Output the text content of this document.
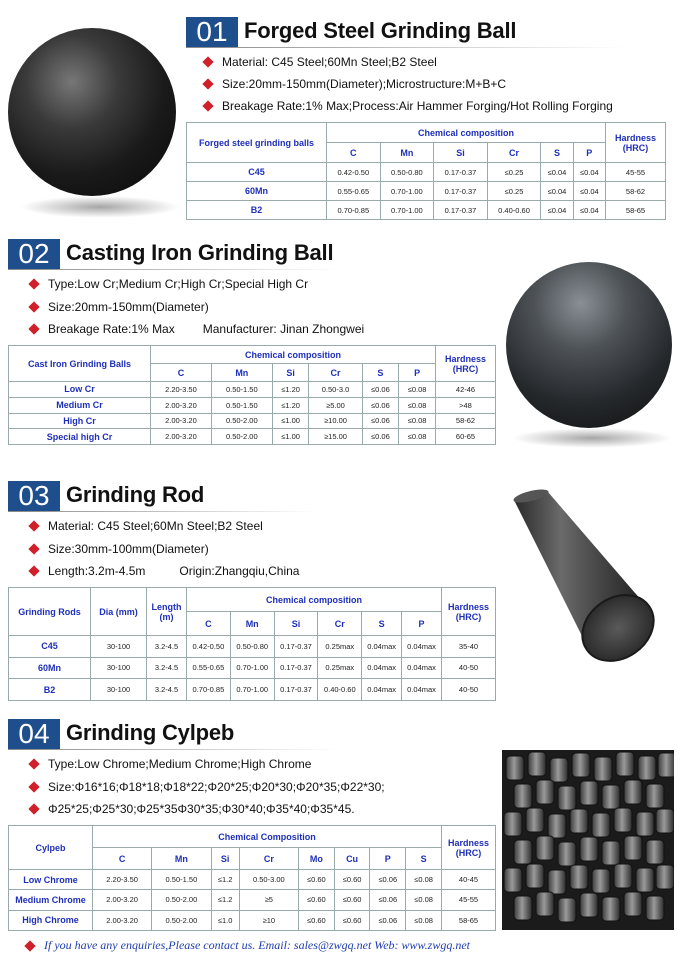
01 Forged Steel Grinding Ball
Material: C45 Steel;60Mn Steel;B2 Steel
Size:20mm-150mm(Diameter);Microstructure:M+B+C
Breakage Rate:1% Max;Process:Air Hammer Forging/Hot Rolling Forging
Forged steel grinding balls	Chemical composition						Hardness (HRC)
	C	Mn	Si	Cr	S	P	
C45	0.42-0.50	0.50-0.80	0.17-0.37	≤0.25	≤0.04	≤0.04	45-55
60Mn	0.55-0.65	0.70-1.00	0.17-0.37	≤0.25	≤0.04	≤0.04	58-62
B2	0.70-0.85	0.70-1.00	0.17-0.37	0.40-0.60	≤0.04	≤0.04	58-65
02 Casting Iron Grinding Ball
Type:Low Cr;Medium Cr;High Cr;Special High Cr
Size:20mm-150mm(Diameter)
Breakage Rate:1% Max Manufacturer: Jinan Zhongwei
Cast Iron Grinding Balls	Chemical composition						Hardness (HRC)
	C	Mn	Si	Cr	S	P	
Low Cr	2.20-3.50	0.50-1.50	≤1.20	0.50-3.0	≤0.06	≤0.08	42-46
Medium Cr	2.00-3.20	0.50-1.50	≤1.20	≥5.00	≤0.06	≤0.08	>48
High Cr	2.00-3.20	0.50-2.00	≤1.00	≥10.00	≤0.06	≤0.08	58-62
Special high Cr	2.00-3.20	0.50-2.00	≤1.00	≥15.00	≤0.06	≤0.08	60-65
03 Grinding Rod
Material: C45 Steel;60Mn Steel;B2 Steel
Size:30mm-100mm(Diameter)
Length:3.2m-4.5m	Origin:Zhangqiu,China
Grinding Rods	Dia (mm)	Length (m)	Chemical composition						Hardness (HRC)
			C	Mn	Si	Cr	S	P	
C45	30-100	3.2-4.5	0.42-0.50	0.50-0.80	0.17-0.37	0.25max	0.04max	0.04max	35-40
60Mn	30-100	3.2-4.5	0.55-0.65	0.70-1.00	0.17-0.37	0.25max	0.04max	0.04max	40-50
B2	30-100	3.2-4.5	0.70-0.85	0.70-1.00	0.17-0.37	0.40-0.60	0.04max	0.04max	40-50
04 Grinding Cylpeb
Type:Low Chrome;Medium Chrome;High Chrome
Size:Φ16*16;Φ18*18;Φ18*22;Φ20*25;Φ20*30;Φ20*35;Φ22*30;
Φ25*25;Φ25*30;Φ25*35Φ30*35;Φ30*40;Φ35*40;Φ35*45.
Cylpeb	Chemical Composition								Hardness (HRC)
	C	Mn	Si	Cr	Mo	Cu	P	S	
Low Chrome	2.20-3.50	0.50-1.50	≤1.2	0.50-3.00	≤0.60	≤0.60	≤0.06	≤0.08	40-45
Medium Chrome	2.00-3.20	0.50-2.00	≤1.2	≥5	≤0.60	≤0.60	≤0.06	≤0.08	45-55
High Chrome	2.00-3.20	0.50-2.00	≤1.0	≥10	≤0.60	≤0.60	≤0.06	≤0.08	58-65
If you have any enquiries,Please contact us. Email: sales@zwgq.net Web: www.zwgq.net
